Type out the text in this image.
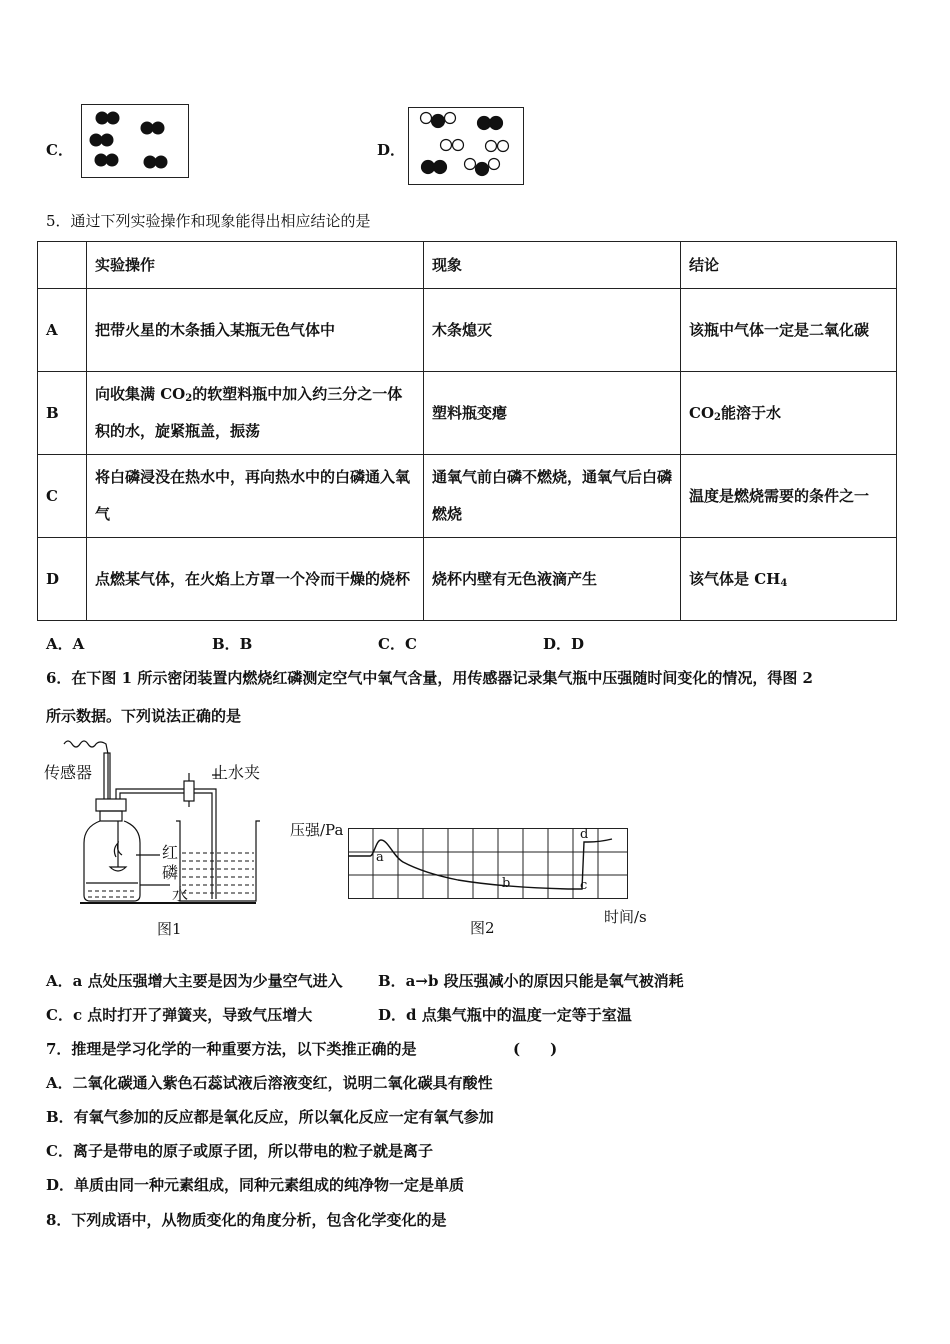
C．	D．
5．通过下列实验操作和现象能得出相应结论的是
	实验操作	现象	结论
A	把带火星的木条插入某瓶无色气体中	木条熄灭	该瓶中气体一定是二氧化碳
B	向收集满 $CO_2$的软塑料瓶中加入约三分之一体积的水，旋紧瓶盖，振荡	塑料瓶变瘪	$CO_2$能溶于水
C	将白磷浸没在热水中，再向热水中的白磷通入氧气	通氧气前白磷不燃烧，通氧气后白磷燃烧	温度是燃烧需要的条件之一
D	点燃某气体，在火焰上方罩一个冷而干燥的烧杯	烧杯内壁有无色液滴产生	该气体是 $CH_4$
A．A	B．B	C．C	D．D
6．在下图 1 所示密闭装置内燃烧红磷测定空气中氧气含量，用传感器记录集气瓶中压强随时间变化的情况，得图 2
所示数据。下列说法正确的是
传感器	止水夹
红
磷
水
图1
压强/Pa
a
b	c
d
时间/s
图2
A．a 点处压强增大主要是因为少量空气进入 B．a→b 段压强减小的原因只能是氧气被消耗
C．c 点时打开了弹簧夹，导致气压增大	D．d 点集气瓶中的温度一定等于室温
7．推理是学习化学的一种重要方法，以下类推正确的是	(　　)
A．二氧化碳通入紫色石蕊试液后溶液变红，说明二氧化碳具有酸性
B．有氧气参加的反应都是氧化反应，所以氧化反应一定有氧气参加
C．离子是带电的原子或原子团，所以带电的粒子就是离子
D．单质由同一种元素组成，同种元素组成的纯净物一定是单质
8．下列成语中，从物质变化的角度分析，包含化学变化的是
